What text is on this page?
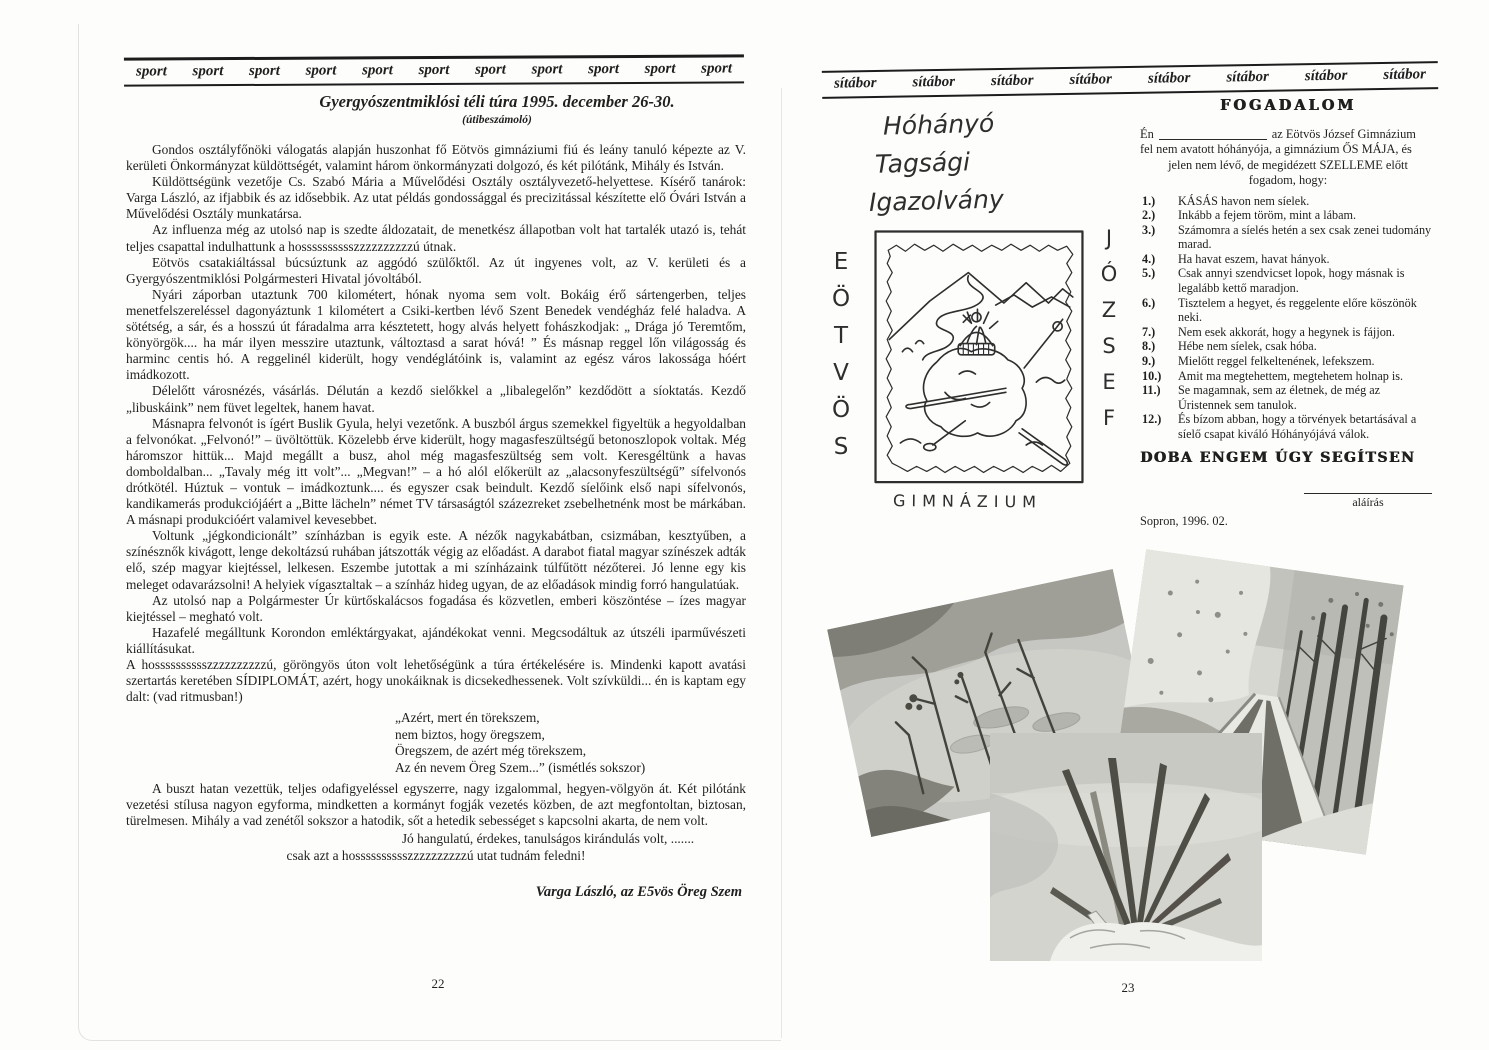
sport sport sport sport sport sport sport sport sport sport sport
Gyergyószentmiklósi téli túra 1995. december 26-30.
(útibeszámoló)

Gondos osztályfőnöki válogatás alapján huszonhat fő Eötvös gimnáziumi fiú és leány tanuló képezte az V. kerületi Önkormányzat küldöttségét, valamint három önkormányzati dolgozó, és két pilótánk, Mihály és István.

Küldöttségünk vezetője Cs. Szabó Mária a Művelődési Osztály osztályvezető-helyettese. Kísérő tanárok: Varga László, az ifjabbik és az idősebbik. Az utat példás gondossággal és precizitással készítette elő Óvári István a Művelődési Osztály munkatársa.

Az influenza még az utolsó nap is szedte áldozatait, de menetkész állapotban volt hat tartalék utazó is, tehát teljes csapattal indulhattunk a hosssssssssszzzzzzzzzzú útnak.

Eötvös csatakiáltással búcsúztunk az aggódó szülőktől. Az út ingyenes volt, az V. kerületi és a Gyergyószentmiklósi Polgármesteri Hivatal jóvoltából.

Nyári záporban utaztunk 700 kilométert, hónak nyoma sem volt. Bokáig érő sártengerben, teljes menetfelszereléssel dagonyáztunk 1 kilométert a Csiki-kertben lévő Szent Benedek vendégház felé haladva. A sötétség, a sár, és a hosszú út fáradalma arra késztetett, hogy alvás helyett fohászkodjak: „ Drága jó Teremtőm, könyörgök.... ha már ilyen messzire utaztunk, változtasd a sarat hóvá! ” És másnap reggel lőn világosság és harminc centis hó. A reggelinél kiderült, hogy vendéglátóink is, valamint az egész város lakossága hóért imádkozott.

Délelőtt városnézés, vásárlás. Délután a kezdő sielőkkel a „libalegelőn” kezdődött a síoktatás. Kezdő „libuskáink” nem füvet legeltek, hanem havat.

Másnapra felvonót is ígért Buslik Gyula, helyi vezetőnk. A buszból árgus szemekkel figyeltük a hegyoldalban a felvonókat. „Felvonó!” – üvöltöttük. Közelebb érve kiderült, hogy magasfeszültségű betonoszlopok voltak. Még háromszor hittük... Majd megállt a busz, ahol még magasfeszültség sem volt. Keresgéltünk a havas domboldalban... „Tavaly még itt volt”... „Megvan!” – a hó alól előkerült az „alacsonyfeszültségű” sífelvonós drótkötél. Húztuk – vontuk – imádkoztunk.... és egyszer csak beindult. Kezdő síelőink első napi sífelvonós, kandikamerás produkciójáért a „Bitte lächeln” német TV társaságtól százezreket zsebelhetnénk most be márkában. A másnapi produkcióért valamivel kevesebbet.

Voltunk „jégkondicionált” színházban is egyik este. A nézők nagykabátban, csizmában, kesztyűben, a színésznők kivágott, lenge dekoltázsú ruhában játszották végig az előadást. A darabot fiatal magyar színészek adták elő, szép magyar kiejtéssel, lelkesen. Eszembe jutottak a mi színházaink túlfűtött nézőterei. Jó lenne egy kis meleget odavarázsolni! A helyiek vígasztaltak – a színház hideg ugyan, de az előadások mindig forró hangulatúak.

Az utolsó nap a Polgármester Úr kürtőskalácsos fogadása és közvetlen, emberi köszöntése – ízes magyar kiejtéssel – megható volt.

Hazafelé megálltunk Korondon emléktárgyakat, ajándékokat venni. Megcsodáltuk az útszéli iparművészeti kiállításukat.

A hosssssssssszzzzzzzzzzú, göröngyös úton volt lehetőségünk a túra értékelésére is. Mindenki kapott avatási szertartás keretében SÍDIPLOMÁT, azért, hogy unokáiknak is dicsekedhessenek. Volt szívküldi... én is kaptam egy dalt: (vad ritmusban!)

„Azért, mert én törekszem,
nem biztos, hogy öregszem,
Öregszem, de azért még törekszem,
Az én nevem Öreg Szem...” (ismétlés sokszor)

A buszt hatan vezettük, teljes odafigyeléssel egyszerre, nagy izgalommal, hegyen-völgyön át. Két pilótánk vezetési stílusa nagyon egyforma, mindketten a kormányt fogják vezetés közben, de azt megfontoltan, biztosan, türelmesen. Mihály a vad zenétől sokszor a hatodik, sőt a hetedik sebességet s kapcsolni akarta, de nem volt.

Jó hangulatú, érdekes, tanulságos kirándulás volt, .......
csak azt a hosssssssssszzzzzzzzzzú utat tudnám feledni!
Varga László, az E5vös Öreg Szem
22
sítábor sítábor sítábor sítábor sítábor sítábor sítábor sítábor
FOGADALOM
Én	az Eötvös József Gimnázium
fel nem avatott hóhányója, a gimnázium ŐS MÁJA, és
jelen nem lévő, de megidézett SZELLEME előtt
fogadom, hogy:
1.)	KÁSÁS havon nem síelek.
2.)	Inkább a fejem töröm, mint a lábam.
3.)	Számomra a síelés hetén a sex csak zenei tudomány marad.
4.)	Ha havat eszem, havat hányok.
5.)	Csak annyi szendvicset lopok, hogy másnak is legalább kettő maradjon.
6.)	Tisztelem a hegyet, és reggelente előre köszönök neki.
7.)	Nem esek akkorát, hogy a hegynek is fájjon.
8.)	Hébe nem síelek, csak hóba.
9.)	Mielőtt reggel felkeltenének, lefekszem.
10.)	Amit ma megtehettem, megtehetem holnap is.
11.)	Se magamnak, sem az életnek, de még az Úristennek sem tanulok.
12.)	És bízom abban, hogy a törvények betartásával a síelő csapat kiváló Hóhányójává válok.
DOBA ENGEM ÚGY SEGÍTSEN
aláírás
Sopron, 1996. 02.
Hóhányó
Tagsági
Igazolvány
E
Ö
T
V
Ö
S
J
Ó
Z
S
E
F
GIMNÁZIUM
23
